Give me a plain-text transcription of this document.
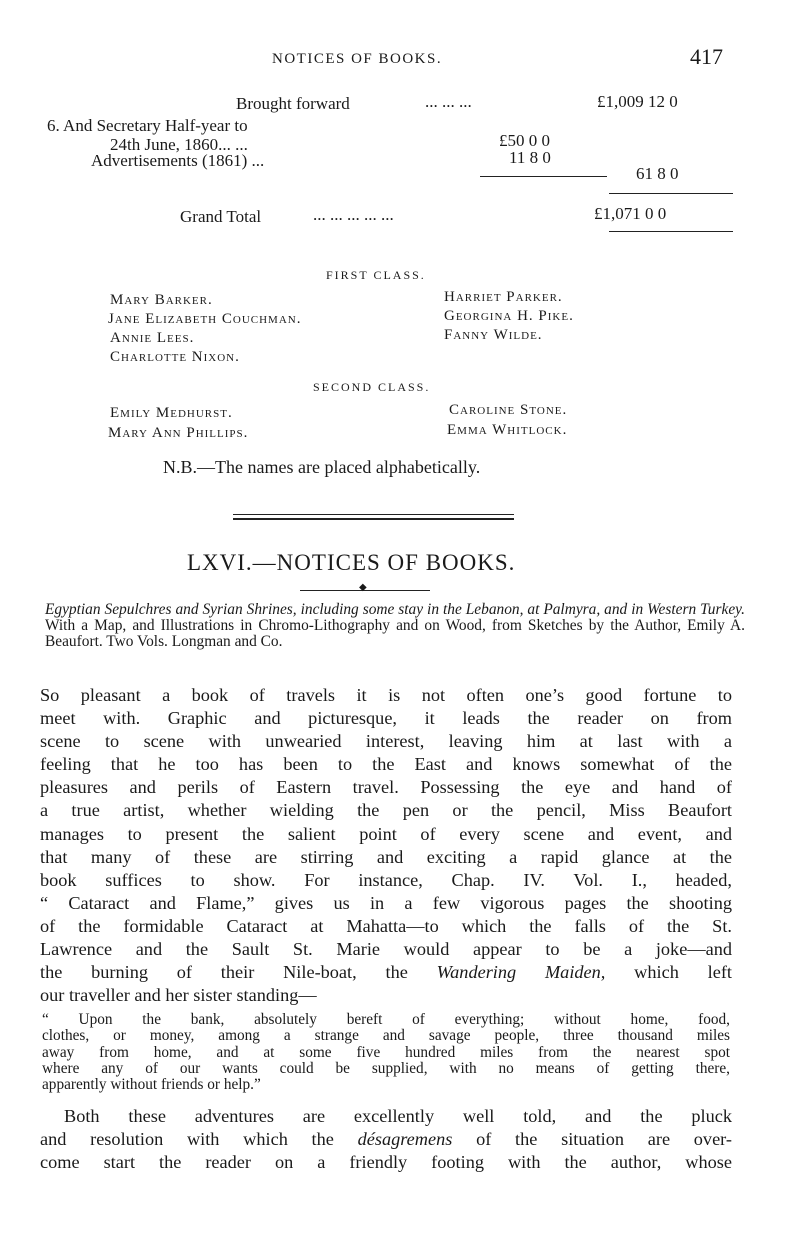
NOTICES OF BOOKS.	417
Brought forward	... ... ...	£1,009 12 0
6. And Secretary Half-year to
24th June, 1860... ...	£50 0 0
Advertisements (1861) ...	11 8 0
61 8 0
Grand Total	... ... ... ... ...	£1,071 0 0
FIRST CLASS.
Mary Barker.
Jane Elizabeth Couchman.
Annie Lees.
Charlotte Nixon.
Harriet Parker.
Georgina H. Pike.
Fanny Wilde.
SECOND CLASS.
Emily Medhurst.
Mary Ann Phillips.
Caroline Stone.
Emma Whitlock.
N.B.—The names are placed alphabetically.
LXVI.—NOTICES OF BOOKS.
◆
Egyptian Sepulchres and Syrian Shrines, including some stay in the Lebanon, at Palmyra, and in Western Turkey. With a Map, and Illustrations in Chromo-Lithography and on Wood, from Sketches by the Author, Emily A. Beaufort. Two Vols. Longman and Co.
So pleasant a book of travels it is not often one’s good fortune to
meet with. Graphic and picturesque, it leads the reader on from
scene to scene with unwearied interest, leaving him at last with a
feeling that he too has been to the East and knows somewhat of the
pleasures and perils of Eastern travel. Possessing the eye and hand of
a true artist, whether wielding the pen or the pencil, Miss Beaufort
manages to present the salient point of every scene and event, and
that many of these are stirring and exciting a rapid glance at the
book suffices to show. For instance, Chap. IV. Vol. I., headed,
“ Cataract and Flame,” gives us in a few vigorous pages the shooting
of the formidable Cataract at Mahatta—to which the falls of the St.
Lawrence and the Sault St. Marie would appear to be a joke—and
the burning of their Nile-boat, the Wandering Maiden, which left
our traveller and her sister standing—
“ Upon the bank, absolutely bereft of everything; without home, food,
clothes, or money, among a strange and savage people, three thousand miles
away from home, and at some five hundred miles from the nearest spot
where any of our wants could be supplied, with no means of getting there,
apparently without friends or help.”
Both these adventures are excellently well told, and the pluck
and resolution with which the désagremens of the situation are over-
come start the reader on a friendly footing with the author, whose
